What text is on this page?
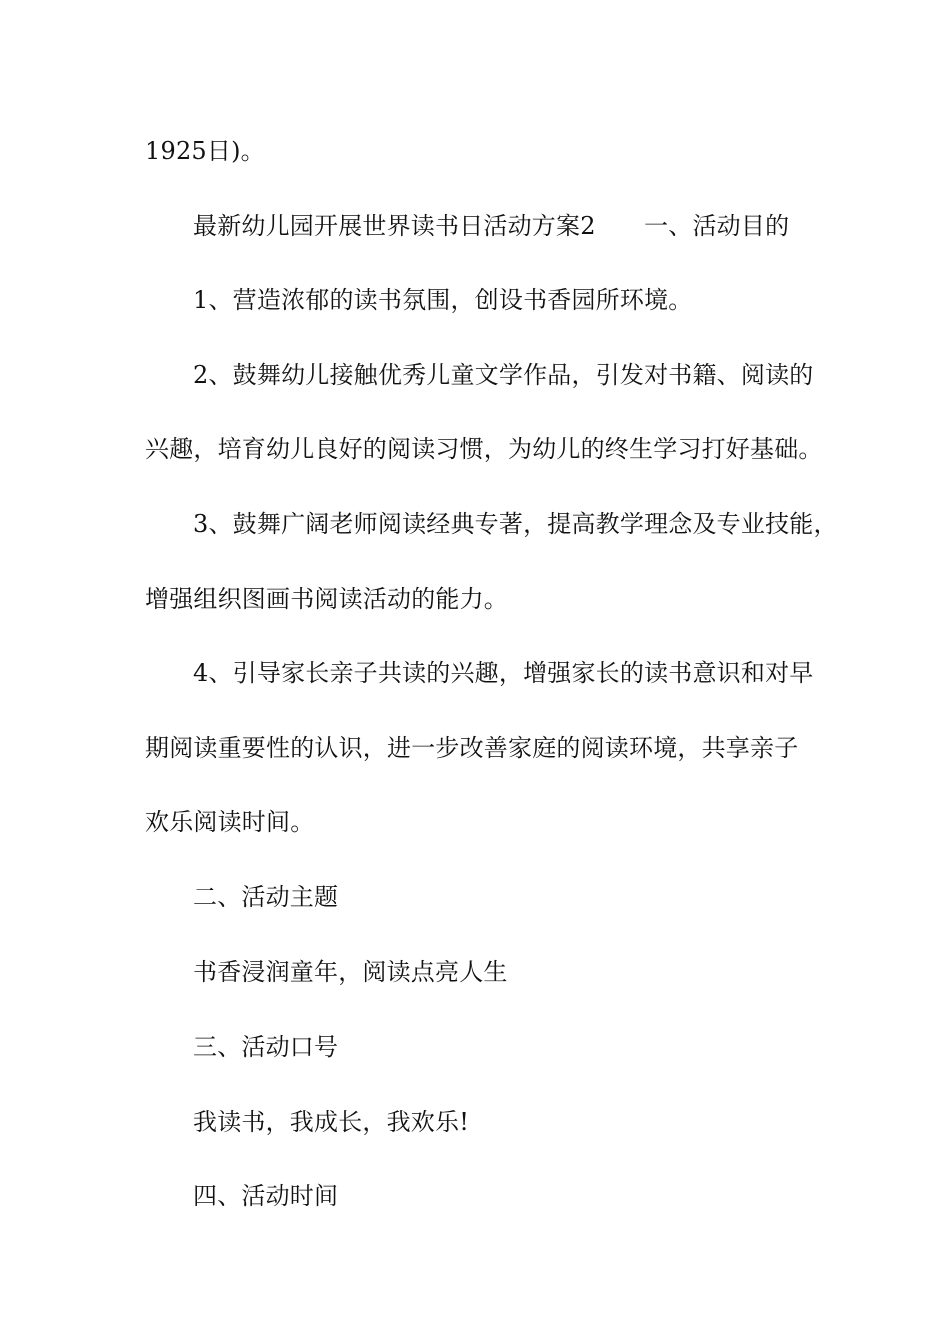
1925日)。
最新幼儿园开展世界读书日活动方案2　　一、活动目的
1、营造浓郁的读书氛围，创设书香园所环境。
2、鼓舞幼儿接触优秀儿童文学作品，引发对书籍、阅读的
兴趣，培育幼儿良好的阅读习惯，为幼儿的终生学习打好基础。
3、鼓舞广阔老师阅读经典专著，提高教学理念及专业技能，
增强组织图画书阅读活动的能力。
4、引导家长亲子共读的兴趣，增强家长的读书意识和对早
期阅读重要性的认识，进一步改善家庭的阅读环境，共享亲子
欢乐阅读时间。
二、活动主题
书香浸润童年，阅读点亮人生
三、活动口号
我读书，我成长，我欢乐!
四、活动时间
